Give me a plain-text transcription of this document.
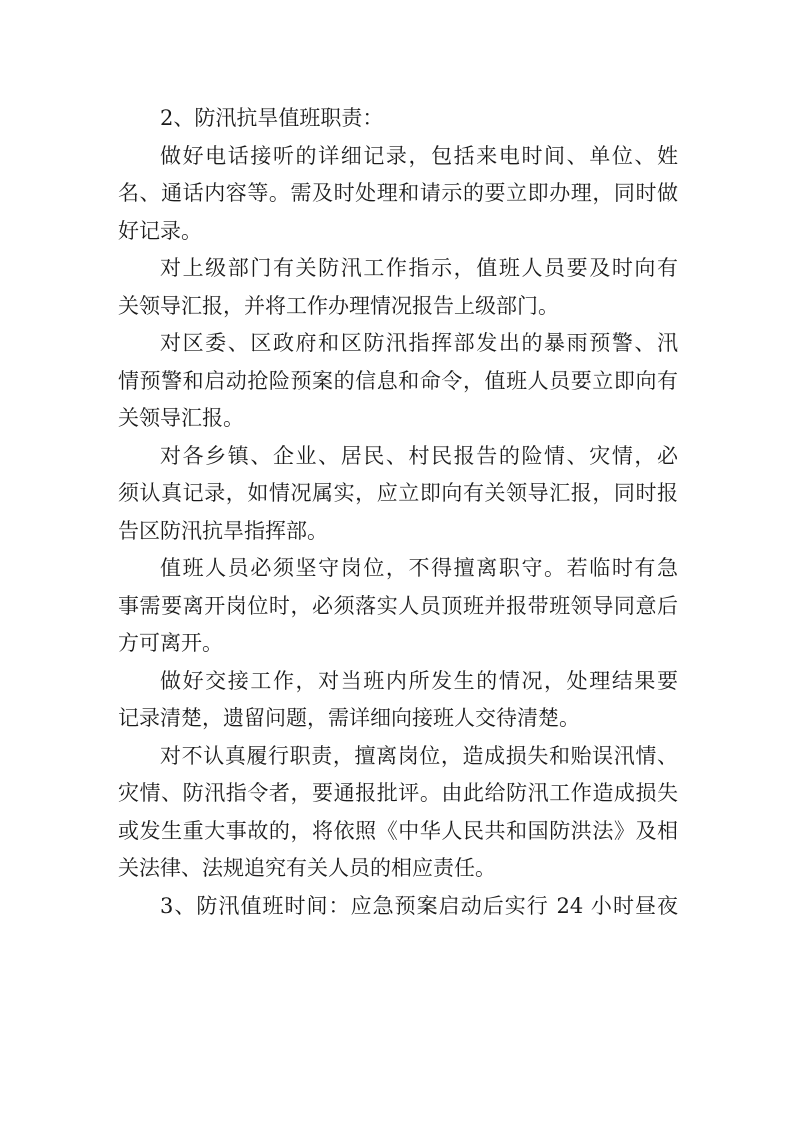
2、防汛抗旱值班职责：
做好电话接听的详细记录，包括来电时间、单位、姓
名、通话内容等。需及时处理和请示的要立即办理，同时做
好记录。
对上级部门有关防汛工作指示，值班人员要及时向有
关领导汇报，并将工作办理情况报告上级部门。
对区委、区政府和区防汛指挥部发出的暴雨预警、汛
情预警和启动抢险预案的信息和命令，值班人员要立即向有
关领导汇报。
对各乡镇、企业、居民、村民报告的险情、灾情，必
须认真记录，如情况属实，应立即向有关领导汇报，同时报
告区防汛抗旱指挥部。
值班人员必须坚守岗位，不得擅离职守。若临时有急
事需要离开岗位时，必须落实人员顶班并报带班领导同意后
方可离开。
做好交接工作，对当班内所发生的情况，处理结果要
记录清楚，遗留问题，需详细向接班人交待清楚。
对不认真履行职责，擅离岗位，造成损失和贻误汛情、
灾情、防汛指令者，要通报批评。由此给防汛工作造成损失
或发生重大事故的，将依照《中华人民共和国防洪法》及相
关法律、法规追究有关人员的相应责任。
3、防汛值班时间：应急预案启动后实行 24 小时昼夜
